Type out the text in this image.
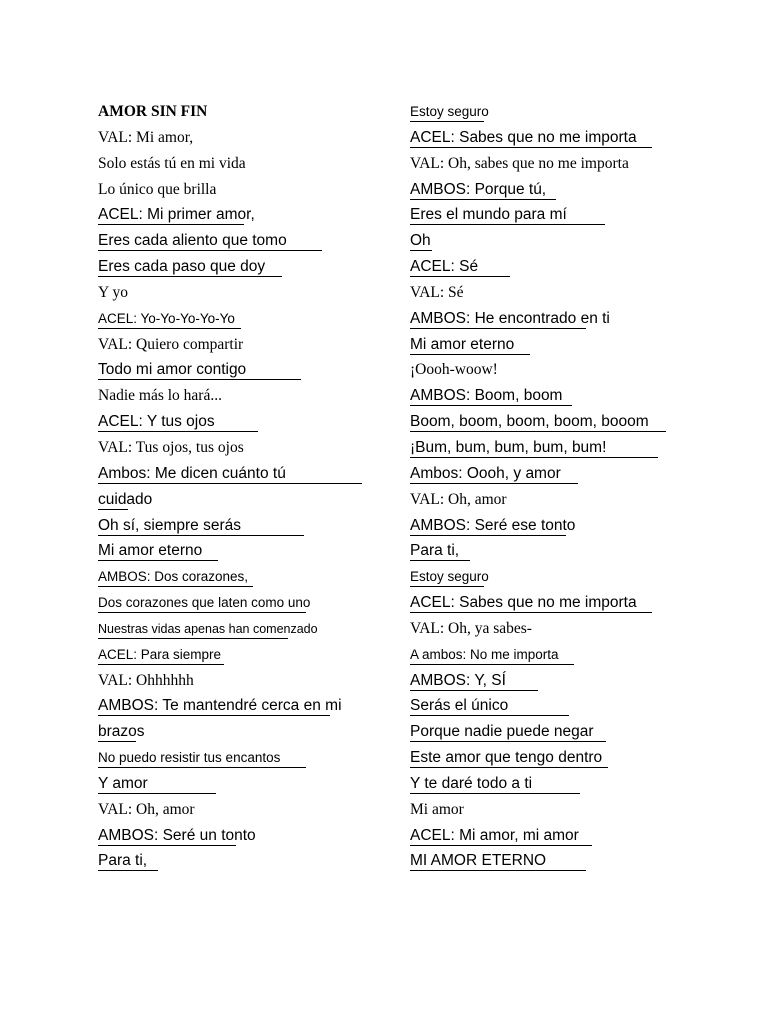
AMOR SIN FIN
VAL: Mi amor,
Solo estás tú en mi vida
Lo único que brilla
ACEL: Mi primer amor,
Eres cada aliento que tomo
Eres cada paso que doy
Y yo
ACEL: Yo-Yo-Yo-Yo-Yo
VAL: Quiero compartir
Todo mi amor contigo
Nadie más lo hará...
ACEL: Y tus ojos
VAL: Tus ojos, tus ojos
Ambos: Me dicen cuánto tú
cuidado
Oh sí, siempre serás
Mi amor eterno
AMBOS: Dos corazones,
Dos corazones que laten como uno
Nuestras vidas apenas han comenzado
ACEL: Para siempre
VAL: Ohhhhhh
AMBOS: Te mantendré cerca en mi
brazos
No puedo resistir tus encantos
Y amor
VAL: Oh, amor
AMBOS: Seré un tonto
Para ti,
Estoy seguro
ACEL: Sabes que no me importa
VAL: Oh, sabes que no me importa
AMBOS: Porque tú,
Eres el mundo para mí
Oh
ACEL: Sé
VAL: Sé
AMBOS: He encontrado en ti
Mi amor eterno
¡Oooh-woow!
AMBOS: Boom, boom
Boom, boom, boom, boom, booom
¡Bum, bum, bum, bum, bum!
Ambos: Oooh, y amor
VAL: Oh, amor
AMBOS: Seré ese tonto
Para ti,
Estoy seguro
ACEL: Sabes que no me importa
VAL: Oh, ya sabes-
A ambos: No me importa
AMBOS: Y, SÍ
Serás el único
Porque nadie puede negar
Este amor que tengo dentro
Y te daré todo a ti
Mi amor
ACEL: Mi amor, mi amor
MI AMOR ETERNO
